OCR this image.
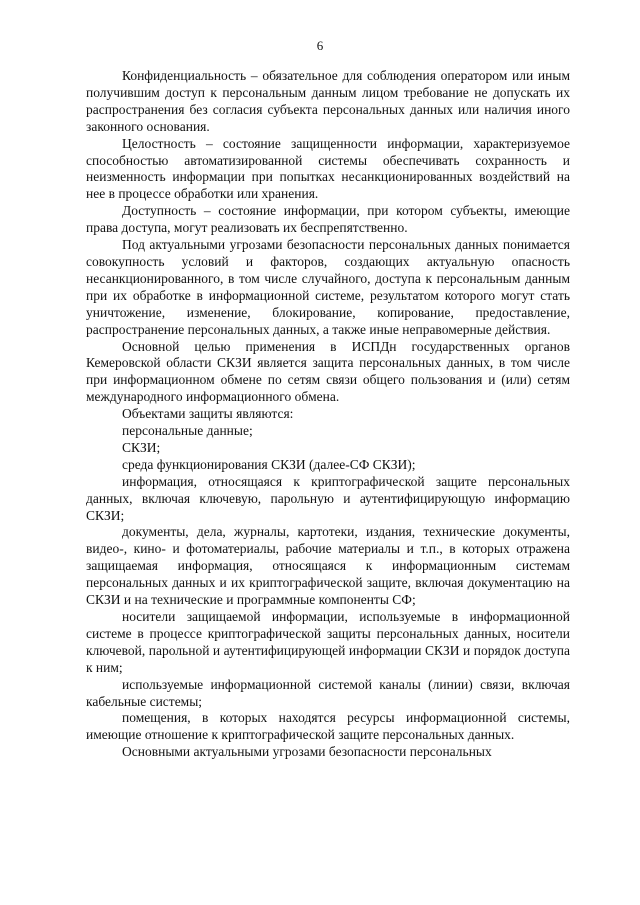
6

Конфиденциальность – обязательное для соблюдения оператором или иным получившим доступ к персональным данным лицом требование не допускать их распространения без согласия субъекта персональных данных или наличия иного законного основания.

Целостность – состояние защищенности информации, характеризуемое способностью автоматизированной системы обеспечивать сохранность и неизменность информации при попытках несанкционированных воздействий на нее в процессе обработки или хранения.

Доступность – состояние информации, при котором субъекты, имеющие права доступа, могут реализовать их беспрепятственно.

Под актуальными угрозами безопасности персональных данных понимается совокупность условий и факторов, создающих актуальную опасность несанкционированного, в том числе случайного, доступа к персональным данным при их обработке в информационной системе, результатом которого могут стать уничтожение, изменение, блокирование, копирование, предоставление, распространение персональных данных, а также иные неправомерные действия.

Основной целью применения в ИСПДн государственных органов Кемеровской области СКЗИ является защита персональных данных, в том числе при информационном обмене по сетям связи общего пользования и (или) сетям международного информационного обмена.

Объектами защиты являются:

персональные данные;

СКЗИ;

среда функционирования СКЗИ (далее-СФ СКЗИ);

информация, относящаяся к криптографической защите персональных данных, включая ключевую, парольную и аутентифицирующую информацию СКЗИ;

документы, дела, журналы, картотеки, издания, технические документы, видео-, кино- и фотоматериалы, рабочие материалы и т.п., в которых отражена защищаемая информация, относящаяся к информационным системам персональных данных и их криптографической защите, включая документацию на СКЗИ и на технические и программные компоненты СФ;

носители защищаемой информации, используемые в информационной системе в процессе криптографической защиты персональных данных, носители ключевой, парольной и аутентифицирующей информации СКЗИ и порядок доступа к ним;

используемые информационной системой каналы (линии) связи, включая кабельные системы;

помещения, в которых находятся ресурсы информационной системы, имеющие отношение к криптографической защите персональных данных.

Основными актуальными угрозами безопасности персональных
